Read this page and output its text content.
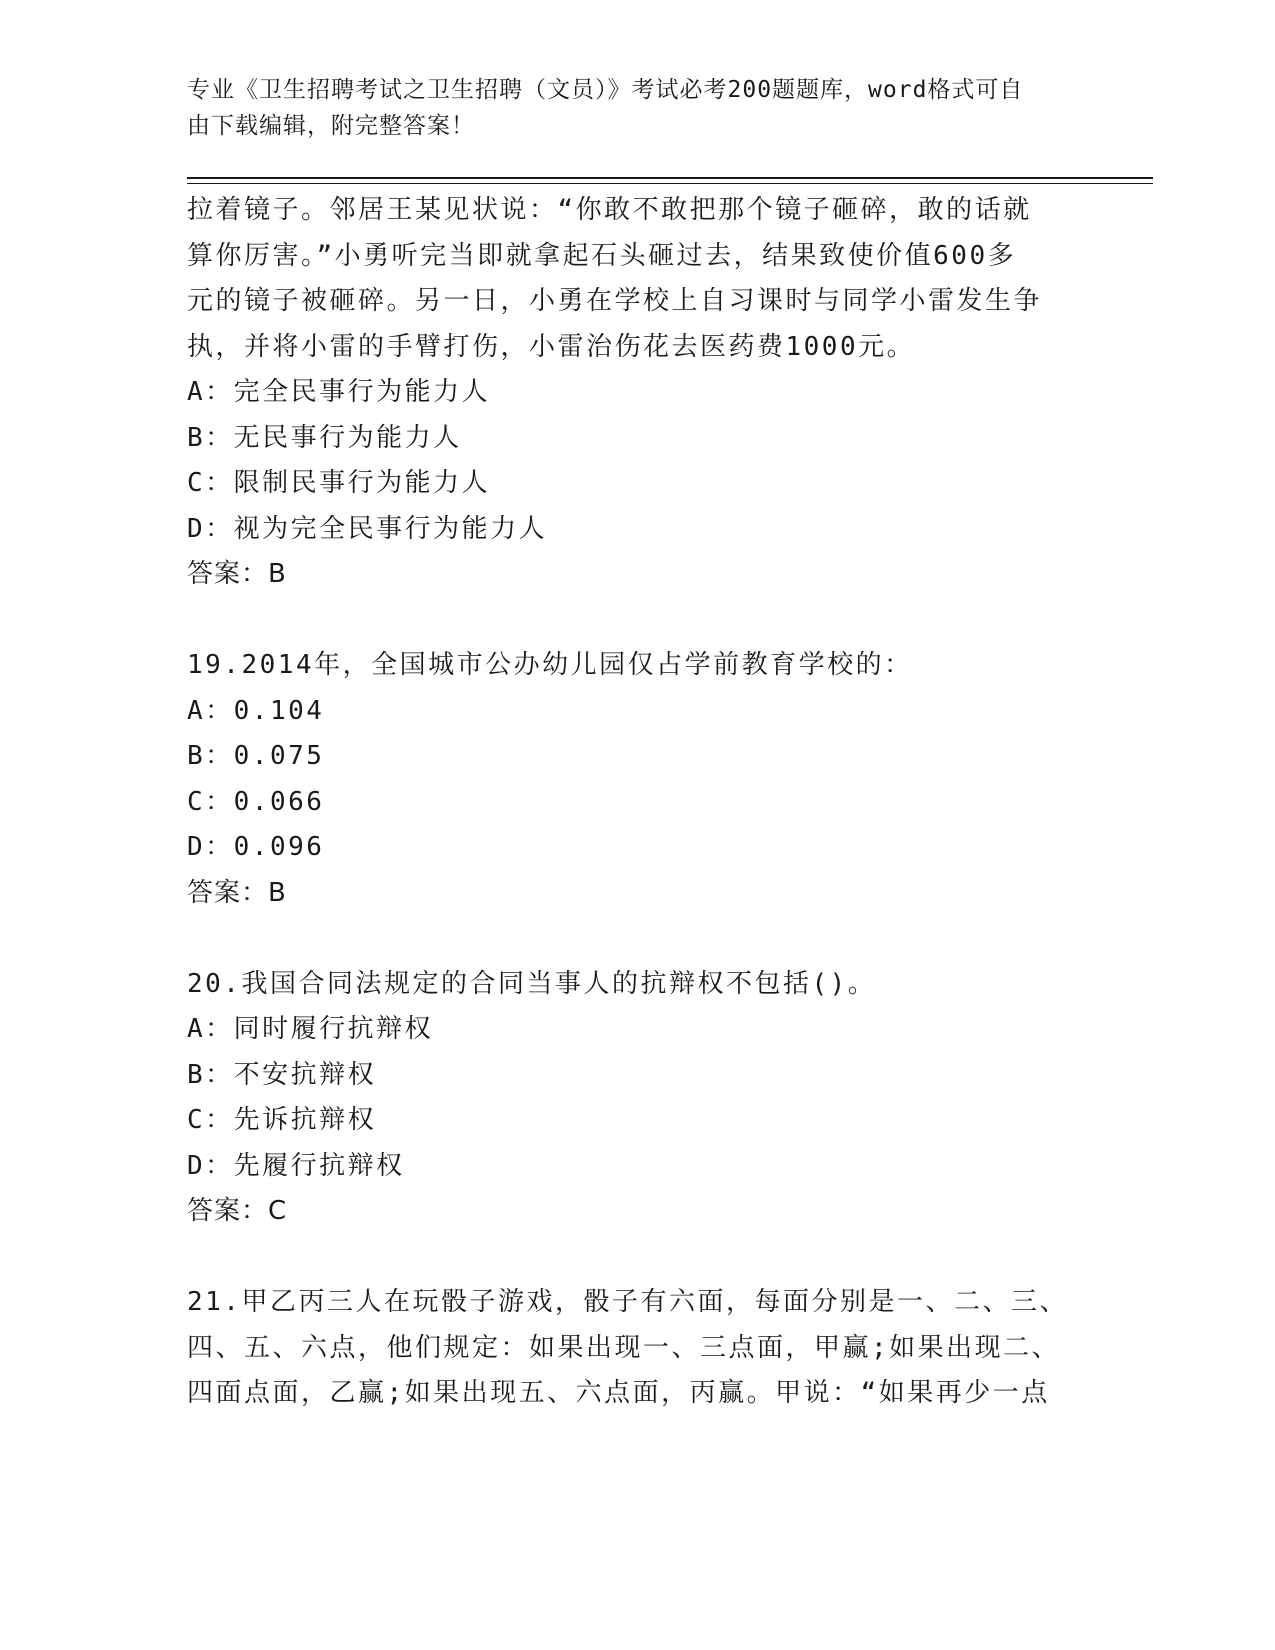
专业《卫生招聘考试之卫生招聘（文员）》考试必考200题题库，word格式可自
由下载编辑，附完整答案！
拉着镜子。邻居王某见状说：“你敢不敢把那个镜子砸碎，敢的话就
算你厉害。”小勇听完当即就拿起石头砸过去，结果致使价值600多
元的镜子被砸碎。另一日，小勇在学校上自习课时与同学小雷发生争
执，并将小雷的手臂打伤，小雷治伤花去医药费1000元。
A：完全民事行为能力人
B：无民事行为能力人
C：限制民事行为能力人
D：视为完全民事行为能力人
答案：B
19.2014年，全国城市公办幼儿园仅占学前教育学校的：
A：0.104
B：0.075
C：0.066
D：0.096
答案：B
20.我国合同法规定的合同当事人的抗辩权不包括()。
A：同时履行抗辩权
B：不安抗辩权
C：先诉抗辩权
D：先履行抗辩权
答案：C
21.甲乙丙三人在玩骰子游戏，骰子有六面，每面分别是一、二、三、
四、五、六点，他们规定：如果出现一、三点面，甲赢;如果出现二、
四面点面，乙赢;如果出现五、六点面，丙赢。甲说：“如果再少一点
